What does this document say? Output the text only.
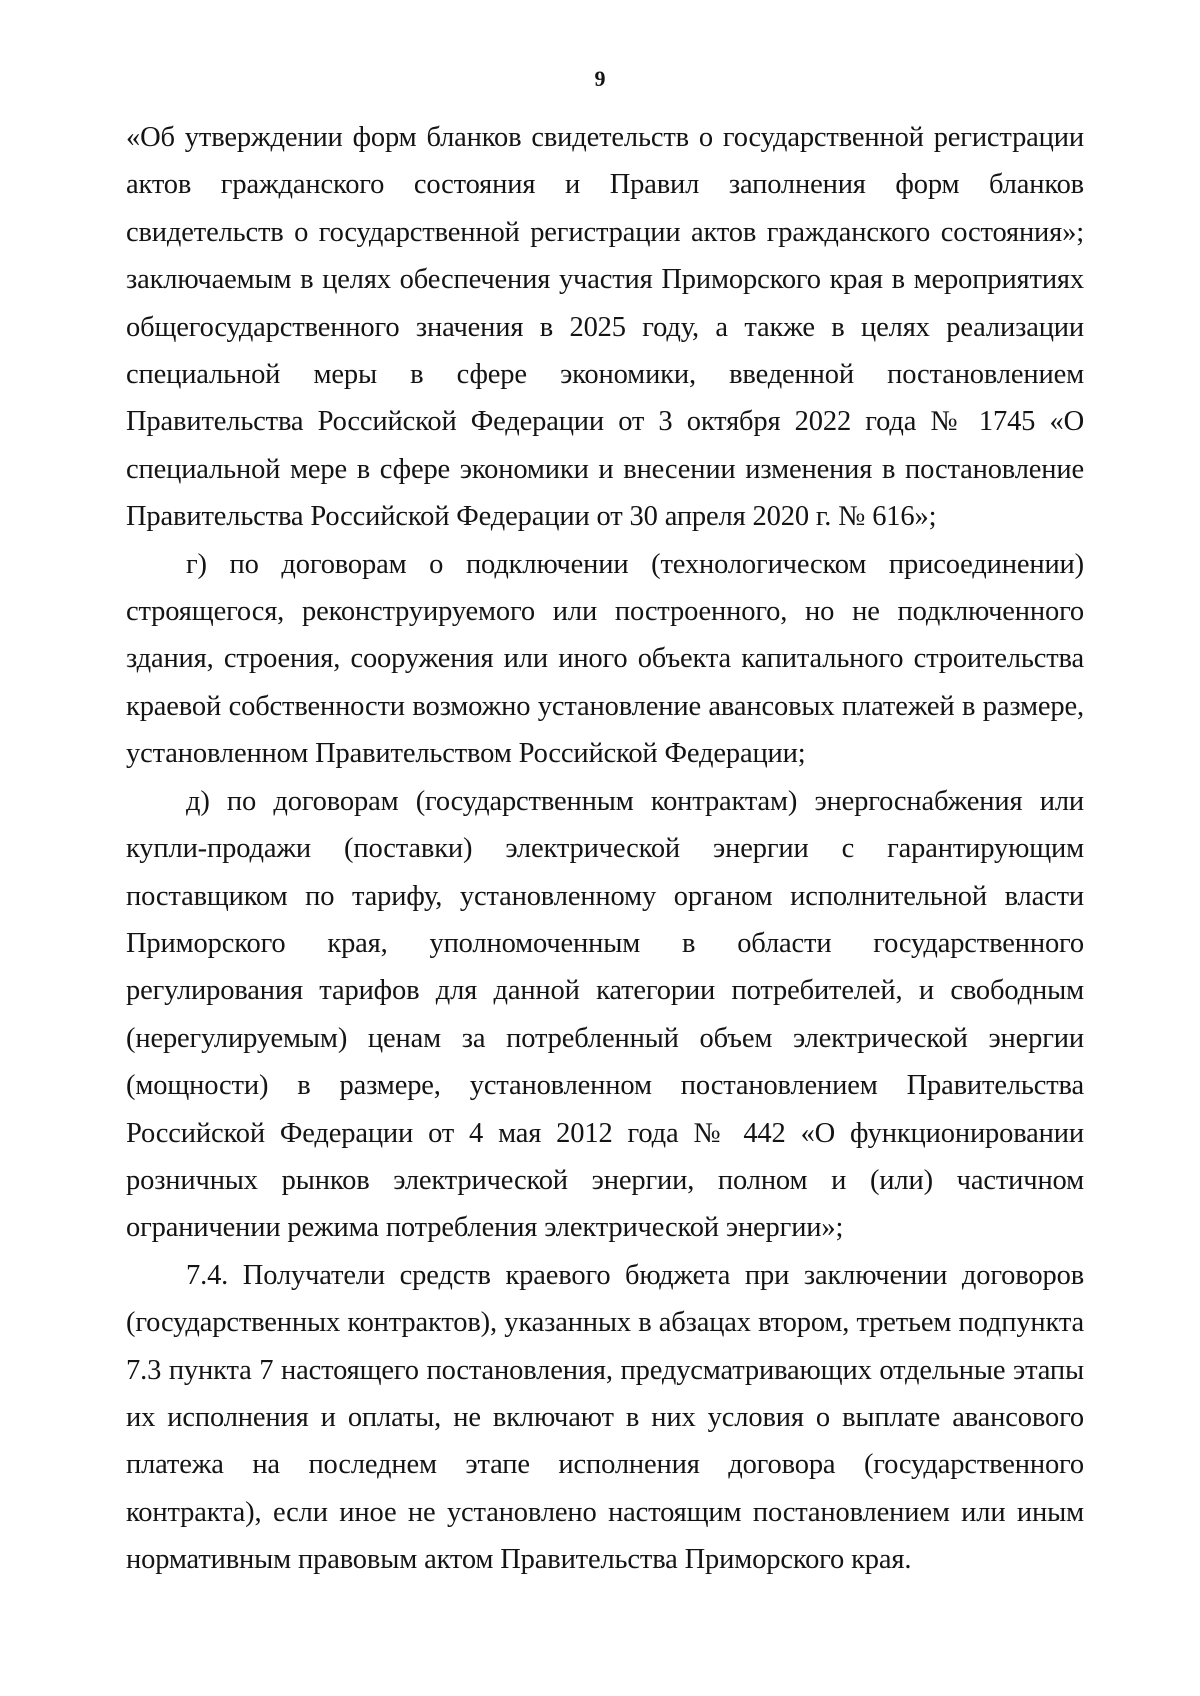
9

«Об утверждении форм бланков свидетельств о государственной регистрации актов гражданского состояния и Правил заполнения форм бланков свидетельств о государственной регистрации актов гражданского состояния»; заключаемым в целях обеспечения участия Приморского края в мероприятиях общегосударственного значения в 2025 году, а также в целях реализации специальной меры в сфере экономики, введенной постановлением Правительства Российской Федерации от 3 октября 2022 года № 1745 «О специальной мере в сфере экономики и внесении изменения в постановление Правительства Российской Федерации от 30 апреля 2020 г. № 616»;

г) по договорам о подключении (технологическом присоединении) строящегося, реконструируемого или построенного, но не подключенного здания, строения, сооружения или иного объекта капитального строительства краевой собственности возможно установление авансовых платежей в размере, установленном Правительством Российской Федерации;

д) по договорам (государственным контрактам) энергоснабжения или купли-продажи (поставки) электрической энергии с гарантирующим поставщиком по тарифу, установленному органом исполнительной власти Приморского края, уполномоченным в области государственного регулирования тарифов для данной категории потребителей, и свободным (нерегулируемым) ценам за потребленный объем электрической энергии (мощности) в размере, установленном постановлением Правительства Российской Федерации от 4 мая 2012 года № 442 «О функционировании розничных рынков электрической энергии, полном и (или) частичном ограничении режима потребления электрической энергии»;

7.4. Получатели средств краевого бюджета при заключении договоров (государственных контрактов), указанных в абзацах втором, третьем подпункта 7.3 пункта 7 настоящего постановления, предусматривающих отдельные этапы их исполнения и оплаты, не включают в них условия о выплате авансового платежа на последнем этапе исполнения договора (государственного контракта), если иное не установлено настоящим постановлением или иным нормативным правовым актом Правительства Приморского края.
